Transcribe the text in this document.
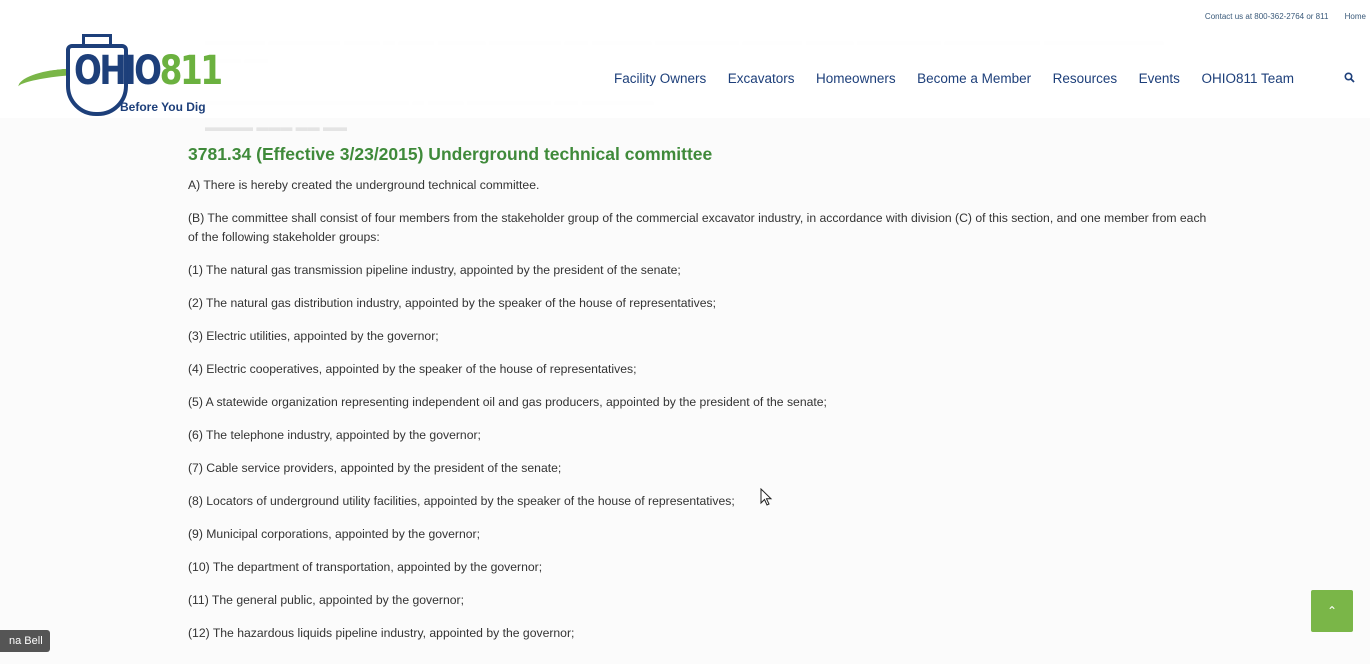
▬▬▬▬ ▬▬▬ ▬▬ ▬▬
Contact us at 800-362-2764 or 811 Home
OHIO811
Before You Dig
Facility Owners Excavators Homeowners Become a Member Resources Events OHIO811 Team
3781.34 (Effective 3/23/2015) Underground technical committee

A) There is hereby created the underground technical committee.

(B) The committee shall consist of four members from the stakeholder group of the commercial excavator industry, in accordance with division (C) of this section, and one member from each of the following stakeholder groups:

(1) The natural gas transmission pipeline industry, appointed by the president of the senate;

(2) The natural gas distribution industry, appointed by the speaker of the house of representatives;

(3) Electric utilities, appointed by the governor;

(4) Electric cooperatives, appointed by the speaker of the house of representatives;

(5) A statewide organization representing independent oil and gas producers, appointed by the president of the senate;

(6) The telephone industry, appointed by the governor;

(7) Cable service providers, appointed by the president of the senate;

(8) Locators of underground utility facilities, appointed by the speaker of the house of representatives;

(9) Municipal corporations, appointed by the governor;

(10) The department of transportation, appointed by the governor;

(11) The general public, appointed by the governor;

(12) The hazardous liquids pipeline industry, appointed by the governor;

⌃
na Bell
